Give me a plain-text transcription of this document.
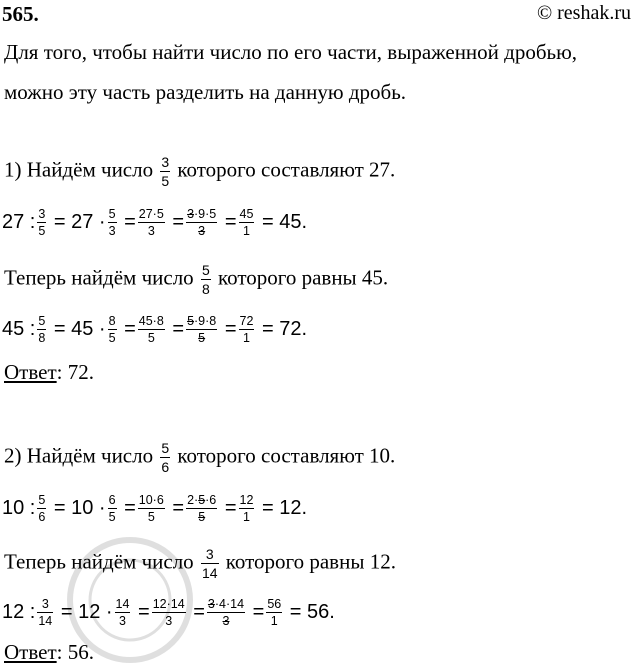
565.	© reshak.ru
Для того, чтобы найти число по его части, выраженной дробью,
можно эту часть разделить на данную дробь.
1) Найдём число $\frac{3}{5}$ которого составляют 27.
27 : $\frac{3}{5} = 27 \cdot \frac{5}{3} = \frac{27\cdot 5}{3} = \frac{3\cdot 9\cdot 5}{3} = \frac{45}{1} = 45$.
Теперь найдём число $\frac{5}{8}$ которого равны 45.
45 : $\frac{5}{8} = 45 \cdot \frac{8}{5} = \frac{45\cdot 8}{5} = \frac{5\cdot 9\cdot 8}{5} = \frac{72}{1} = 72$.
Ответ: 72.
2) Найдём число $\frac{5}{6}$ которого составляют 10.
10 : $\frac{5}{6} = 10 \cdot \frac{6}{5} = \frac{10\cdot 6}{5} = \frac{2\cdot 5\cdot 6}{5} = \frac{12}{1} = 12$.
Теперь найдём число $\frac{3}{14}$ которого равны 12.
12 : $\frac{3}{14} = 12 \cdot \frac{14}{3} = \frac{12\cdot 14}{3} = \frac{3\cdot 4\cdot 14}{3} = \frac{56}{1} = 56$.
Ответ: 56.
